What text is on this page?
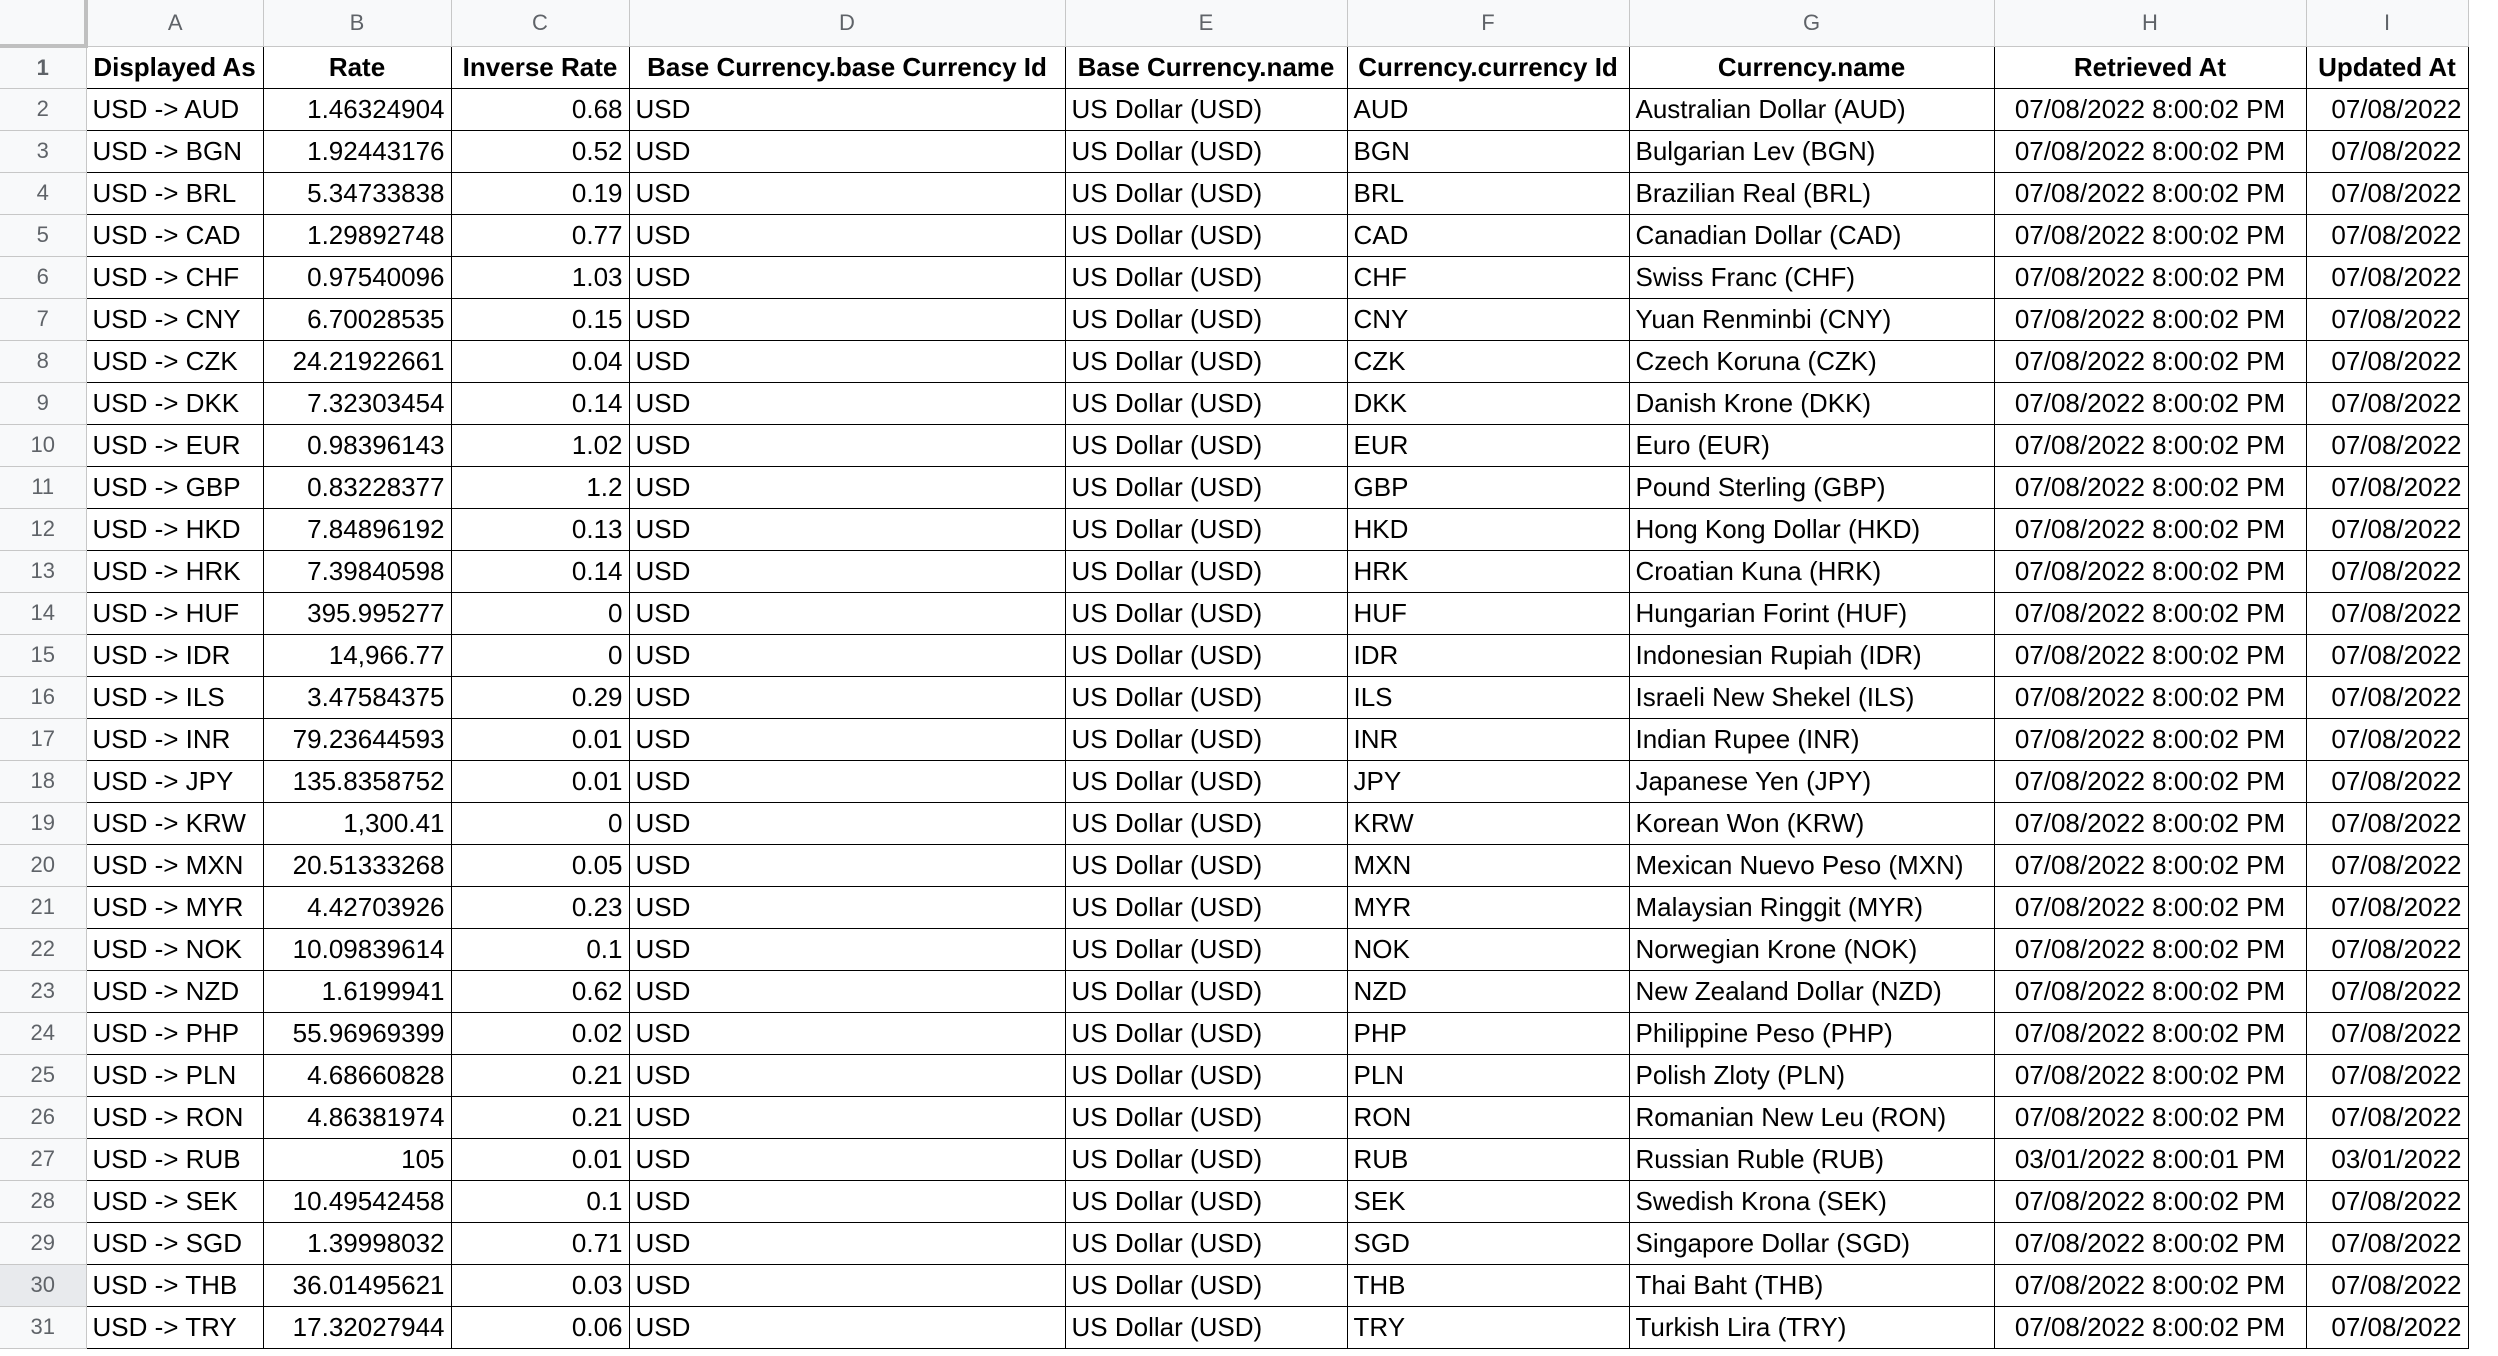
	A	B	C	D	E	F	G	H	I
1	Displayed As	Rate	Inverse Rate	Base Currency.base Currency Id	Base Currency.name	Currency.currency Id	Currency.name	Retrieved At	Updated At
2	USD -> AUD	1.46324904	0.68	USD	US Dollar (USD)	AUD	Australian Dollar (AUD)	07/08/2022 8:00:02 PM	07/08/2022
3	USD -> BGN	1.92443176	0.52	USD	US Dollar (USD)	BGN	Bulgarian Lev (BGN)	07/08/2022 8:00:02 PM	07/08/2022
4	USD -> BRL	5.34733838	0.19	USD	US Dollar (USD)	BRL	Brazilian Real (BRL)	07/08/2022 8:00:02 PM	07/08/2022
5	USD -> CAD	1.29892748	0.77	USD	US Dollar (USD)	CAD	Canadian Dollar (CAD)	07/08/2022 8:00:02 PM	07/08/2022
6	USD -> CHF	0.97540096	1.03	USD	US Dollar (USD)	CHF	Swiss Franc (CHF)	07/08/2022 8:00:02 PM	07/08/2022
7	USD -> CNY	6.70028535	0.15	USD	US Dollar (USD)	CNY	Yuan Renminbi (CNY)	07/08/2022 8:00:02 PM	07/08/2022
8	USD -> CZK	24.21922661	0.04	USD	US Dollar (USD)	CZK	Czech Koruna (CZK)	07/08/2022 8:00:02 PM	07/08/2022
9	USD -> DKK	7.32303454	0.14	USD	US Dollar (USD)	DKK	Danish Krone (DKK)	07/08/2022 8:00:02 PM	07/08/2022
10	USD -> EUR	0.98396143	1.02	USD	US Dollar (USD)	EUR	Euro (EUR)	07/08/2022 8:00:02 PM	07/08/2022
11	USD -> GBP	0.83228377	1.2	USD	US Dollar (USD)	GBP	Pound Sterling (GBP)	07/08/2022 8:00:02 PM	07/08/2022
12	USD -> HKD	7.84896192	0.13	USD	US Dollar (USD)	HKD	Hong Kong Dollar (HKD)	07/08/2022 8:00:02 PM	07/08/2022
13	USD -> HRK	7.39840598	0.14	USD	US Dollar (USD)	HRK	Croatian Kuna (HRK)	07/08/2022 8:00:02 PM	07/08/2022
14	USD -> HUF	395.995277	0	USD	US Dollar (USD)	HUF	Hungarian Forint (HUF)	07/08/2022 8:00:02 PM	07/08/2022
15	USD -> IDR	14,966.77	0	USD	US Dollar (USD)	IDR	Indonesian Rupiah (IDR)	07/08/2022 8:00:02 PM	07/08/2022
16	USD -> ILS	3.47584375	0.29	USD	US Dollar (USD)	ILS	Israeli New Shekel (ILS)	07/08/2022 8:00:02 PM	07/08/2022
17	USD -> INR	79.23644593	0.01	USD	US Dollar (USD)	INR	Indian Rupee (INR)	07/08/2022 8:00:02 PM	07/08/2022
18	USD -> JPY	135.8358752	0.01	USD	US Dollar (USD)	JPY	Japanese Yen (JPY)	07/08/2022 8:00:02 PM	07/08/2022
19	USD -> KRW	1,300.41	0	USD	US Dollar (USD)	KRW	Korean Won (KRW)	07/08/2022 8:00:02 PM	07/08/2022
20	USD -> MXN	20.51333268	0.05	USD	US Dollar (USD)	MXN	Mexican Nuevo Peso (MXN)	07/08/2022 8:00:02 PM	07/08/2022
21	USD -> MYR	4.42703926	0.23	USD	US Dollar (USD)	MYR	Malaysian Ringgit (MYR)	07/08/2022 8:00:02 PM	07/08/2022
22	USD -> NOK	10.09839614	0.1	USD	US Dollar (USD)	NOK	Norwegian Krone (NOK)	07/08/2022 8:00:02 PM	07/08/2022
23	USD -> NZD	1.6199941	0.62	USD	US Dollar (USD)	NZD	New Zealand Dollar (NZD)	07/08/2022 8:00:02 PM	07/08/2022
24	USD -> PHP	55.96969399	0.02	USD	US Dollar (USD)	PHP	Philippine Peso (PHP)	07/08/2022 8:00:02 PM	07/08/2022
25	USD -> PLN	4.68660828	0.21	USD	US Dollar (USD)	PLN	Polish Zloty (PLN)	07/08/2022 8:00:02 PM	07/08/2022
26	USD -> RON	4.86381974	0.21	USD	US Dollar (USD)	RON	Romanian New Leu (RON)	07/08/2022 8:00:02 PM	07/08/2022
27	USD -> RUB	105	0.01	USD	US Dollar (USD)	RUB	Russian Ruble (RUB)	03/01/2022 8:00:01 PM	03/01/2022
28	USD -> SEK	10.49542458	0.1	USD	US Dollar (USD)	SEK	Swedish Krona (SEK)	07/08/2022 8:00:02 PM	07/08/2022
29	USD -> SGD	1.39998032	0.71	USD	US Dollar (USD)	SGD	Singapore Dollar (SGD)	07/08/2022 8:00:02 PM	07/08/2022
30	USD -> THB	36.01495621	0.03	USD	US Dollar (USD)	THB	Thai Baht (THB)	07/08/2022 8:00:02 PM	07/08/2022
31	USD -> TRY	17.32027944	0.06	USD	US Dollar (USD)	TRY	Turkish Lira (TRY)	07/08/2022 8:00:02 PM	07/08/2022
